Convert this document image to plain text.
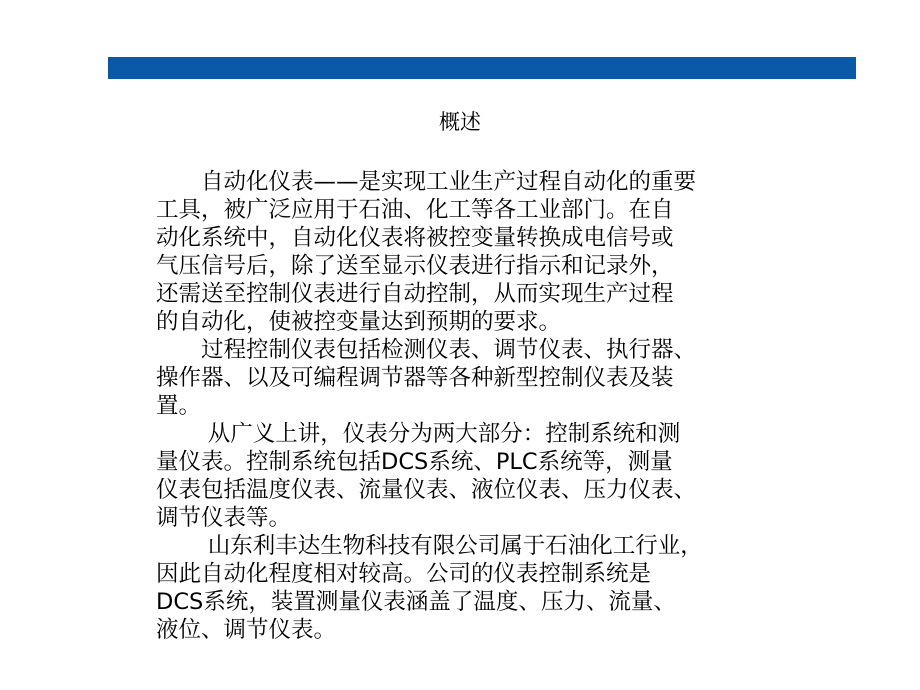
概述
自动化仪表——是实现工业生产过程自动化的重要
工具，被广泛应用于石油、化工等各工业部门。在自
动化系统中，自动化仪表将被控变量转换成电信号或
气压信号后，除了送至显示仪表进行指示和记录外，
还需送至控制仪表进行自动控制，从而实现生产过程
的自动化，使被控变量达到预期的要求。
过程控制仪表包括检测仪表、调节仪表、执行器、
操作器、以及可编程调节器等各种新型控制仪表及装
置。
从广义上讲，仪表分为两大部分：控制系统和测
量仪表。控制系统包括DCS系统、PLC系统等，测量
仪表包括温度仪表、流量仪表、液位仪表、压力仪表、
调节仪表等。
山东利丰达生物科技有限公司属于石油化工行业，
因此自动化程度相对较高。公司的仪表控制系统是
DCS系统，装置测量仪表涵盖了温度、压力、流量、
液位、调节仪表。
